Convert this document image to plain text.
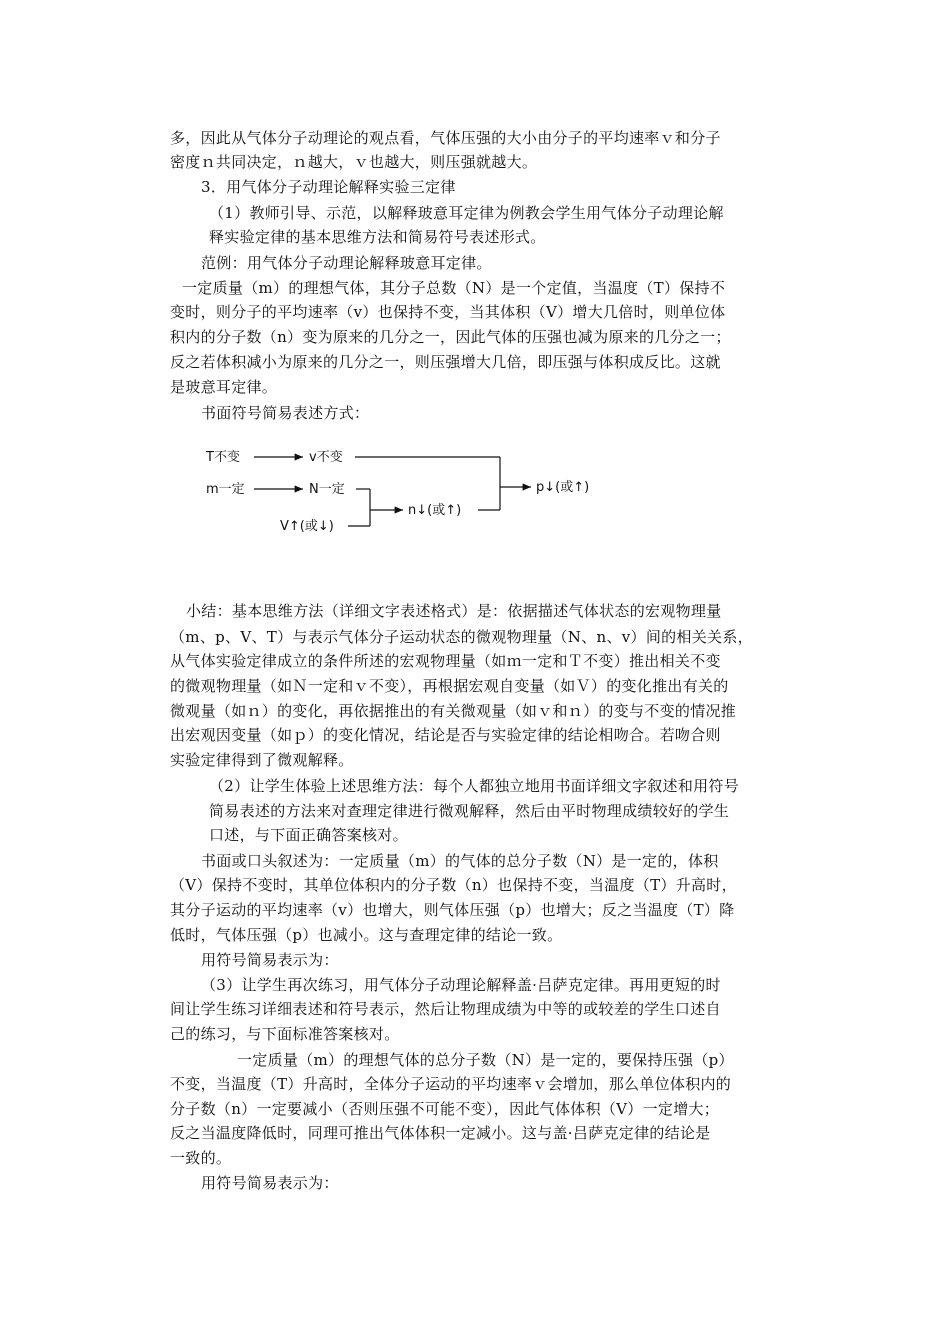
多，因此从气体分子动理论的观点看，气体压强的大小由分子的平均速率ｖ和分子
密度ｎ共同决定，ｎ越大，ｖ也越大，则压强就越大。
3．用气体分子动理论解释实验三定律
（1）教师引导、示范，以解释玻意耳定律为例教会学生用气体分子动理论解
释实验定律的基本思维方法和简易符号表述形式。
范例：用气体分子动理论解释玻意耳定律。
一定质量（m）的理想气体，其分子总数（N）是一个定值，当温度（T）保持不
变时，则分子的平均速率（v）也保持不变，当其体积（V）增大几倍时，则单位体
积内的分子数（n）变为原来的几分之一，因此气体的压强也减为原来的几分之一；
反之若体积减小为原来的几分之一，则压强增大几倍，即压强与体积成反比。这就
是玻意耳定律。
书面符号简易表述方式：
T不变	v不变
m一定	N一定
V↑(或↓)
n↓(或↑)
p↓(或↑)
小结：基本思维方法（详细文字表述格式）是：依据描述气体状态的宏观物理量
（m、p、V、T）与表示气体分子运动状态的微观物理量（N、n、v）间的相关关系，
从气体实验定律成立的条件所述的宏观物理量（如ｍ一定和Ｔ不变）推出相关不变
的微观物理量（如Ｎ一定和ｖ不变），再根据宏观自变量（如Ｖ）的变化推出有关的
微观量（如ｎ）的变化，再依据推出的有关微观量（如ｖ和ｎ）的变与不变的情况推
出宏观因变量（如ｐ）的变化情况，结论是否与实验定律的结论相吻合。若吻合则
实验定律得到了微观解释。
（2）让学生体验上述思维方法：每个人都独立地用书面详细文字叙述和用符号
简易表述的方法来对查理定律进行微观解释，然后由平时物理成绩较好的学生
口述，与下面正确答案核对。
书面或口头叙述为：一定质量（m）的气体的总分子数（N）是一定的，体积
（V）保持不变时，其单位体积内的分子数（n）也保持不变，当温度（T）升高时，
其分子运动的平均速率（v）也增大，则气体压强（p）也增大；反之当温度（T）降
低时，气体压强（p）也减小。这与查理定律的结论一致。
用符号简易表示为：
（3）让学生再次练习，用气体分子动理论解释盖·吕萨克定律。再用更短的时
间让学生练习详细表述和符号表示，然后让物理成绩为中等的或较差的学生口述自
己的练习，与下面标准答案核对。
一定质量（m）的理想气体的总分子数（N）是一定的，要保持压强（p）
不变，当温度（T）升高时，全体分子运动的平均速率ｖ会增加，那么单位体积内的
分子数（n）一定要减小（否则压强不可能不变），因此气体体积（V）一定增大；
反之当温度降低时，同理可推出气体体积一定减小。这与盖·吕萨克定律的结论是
一致的。
用符号简易表示为：
